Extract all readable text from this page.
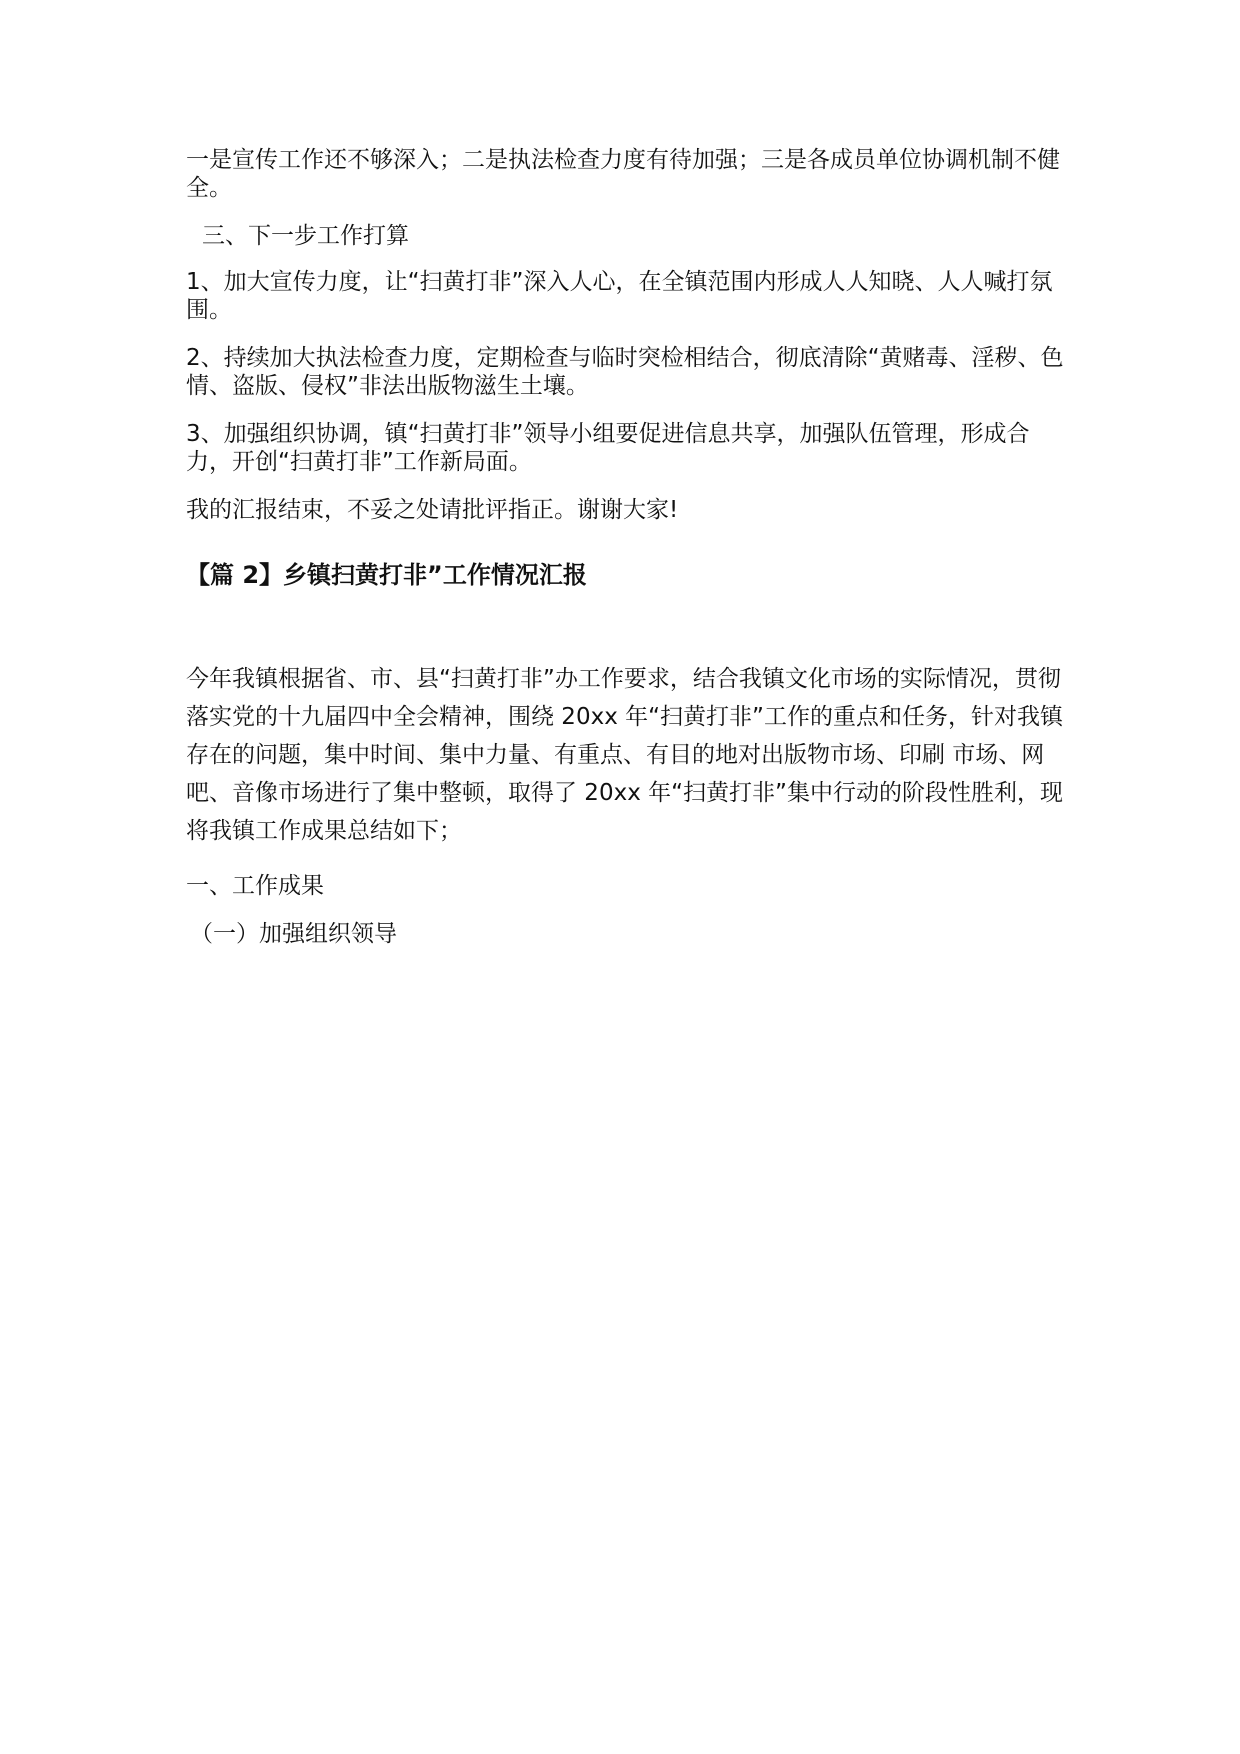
一是宣传工作还不够深入；二是执法检查力度有待加强；三是各成员单位协调机制不健全。
三、下一步工作打算
1、加大宣传力度，让“扫黄打非”深入人心，在全镇范围内形成人人知晓、人人喊打氛围。
2、持续加大执法检查力度，定期检查与临时突检相结合，彻底清除“黄赌毒、淫秽、色情、盗版、侵权”非法出版物滋生土壤。
3、加强组织协调，镇“扫黄打非”领导小组要促进信息共享，加强队伍管理，形成合力，开创“扫黄打非”工作新局面。
我的汇报结束，不妥之处请批评指正。谢谢大家!
【篇 2】乡镇扫黄打非”工作情况汇报
今年我镇根据省、市、县“扫黄打非”办工作要求，结合我镇文化市场的实际情况，贯彻落实党的十九届四中全会精神，围绕 20xx 年“扫黄打非”工作的重点和任务，针对我镇存在的问题，集中时间、集中力量、有重点、有目的地对出版物市场、印刷 市场、网吧、音像市场进行了集中整顿，取得了 20xx 年“扫黄打非”集中行动的阶段性胜利，现将我镇工作成果总结如下；
一、工作成果
（一）加强组织领导
